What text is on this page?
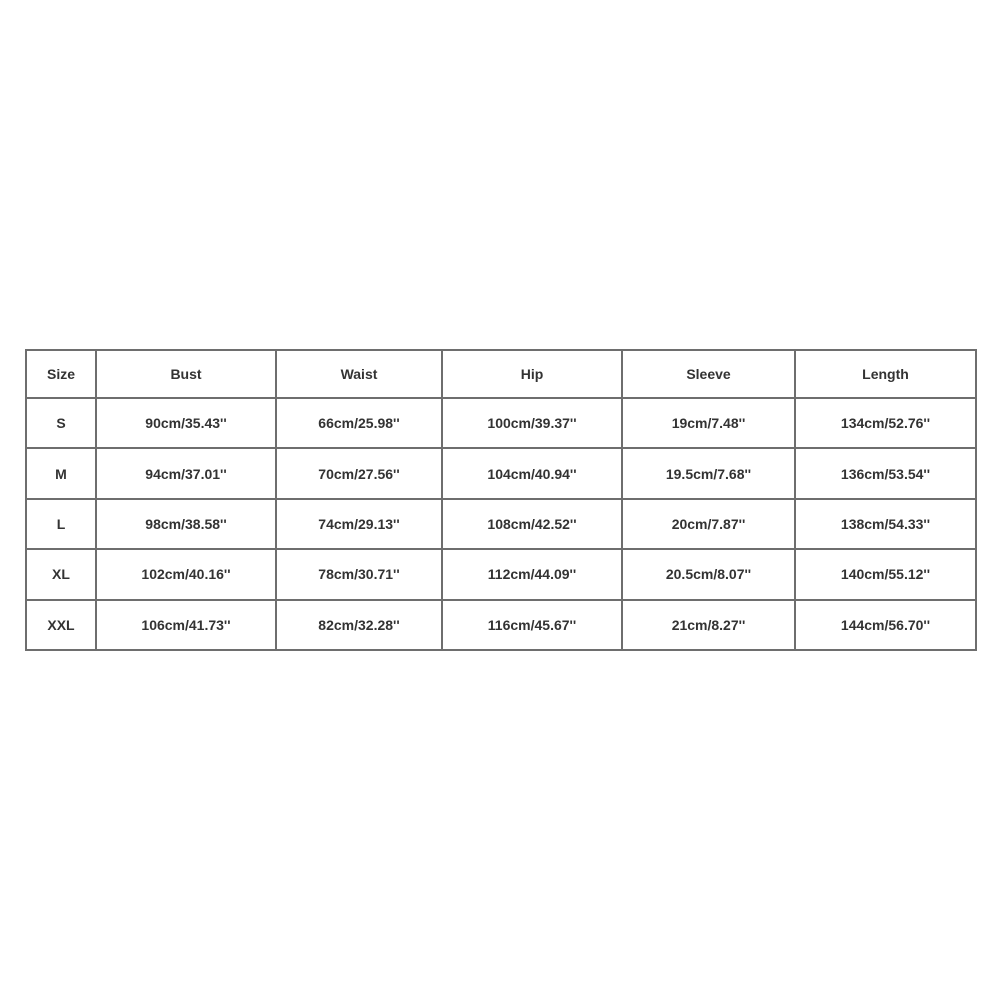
Size	Bust	Waist	Hip	Sleeve	Length
S	90cm/35.43''	66cm/25.98''	100cm/39.37''	19cm/7.48''	134cm/52.76''
M	94cm/37.01''	70cm/27.56''	104cm/40.94''	19.5cm/7.68''	136cm/53.54''
L	98cm/38.58''	74cm/29.13''	108cm/42.52''	20cm/7.87''	138cm/54.33''
XL	102cm/40.16''	78cm/30.71''	112cm/44.09''	20.5cm/8.07''	140cm/55.12''
XXL	106cm/41.73''	82cm/32.28''	116cm/45.67''	21cm/8.27''	144cm/56.70''
